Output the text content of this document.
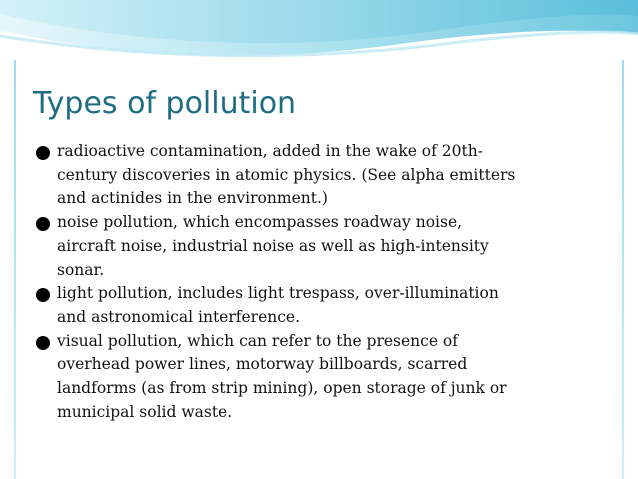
Types of pollution
radioactive contamination, added in the wake of 20th-
century discoveries in atomic physics. (See alpha emitters
and actinides in the environment.)
noise pollution, which encompasses roadway noise,
aircraft noise, industrial noise as well as high-intensity
sonar.
light pollution, includes light trespass, over-illumination
and astronomical interference.
visual pollution, which can refer to the presence of
overhead power lines, motorway billboards, scarred
landforms (as from strip mining), open storage of junk or
municipal solid waste.
